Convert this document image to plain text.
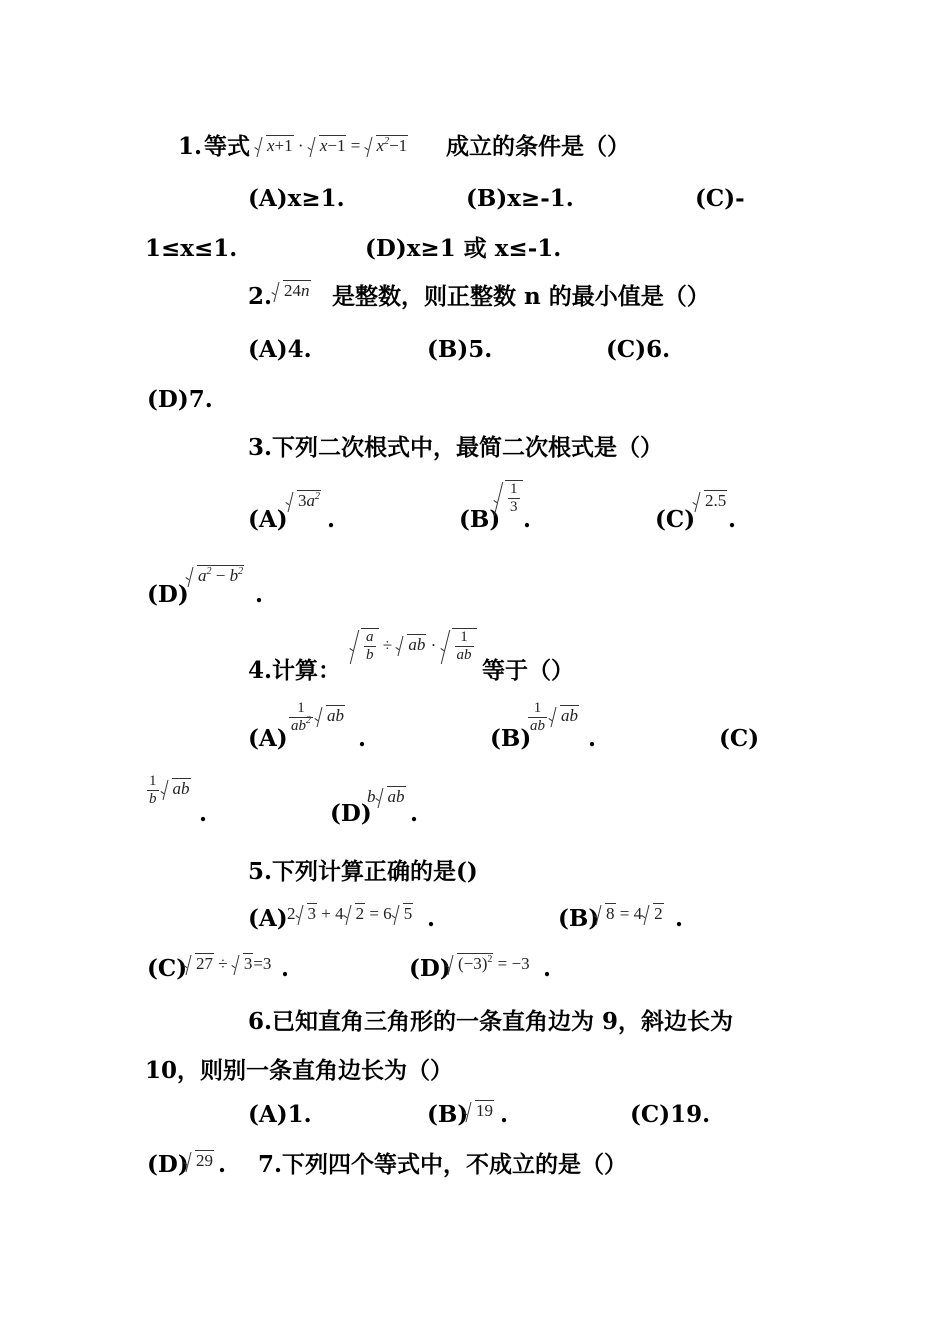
1. 等式	$x+1 \cdot x-1 = x^2-1$ 成立的条件是（）
(A)x≥1.	(B)x≥-1.	(C)-
1≤x≤1.	(D)x≥1 或 x≤-1.
2. 24n 是整数，则正整数 n 的最小值是（）
(A)4.	(B)5.	(C)6.
(D)7.
3.下列二次根式中，最简二次根式是（）
(A)
$3a^2$
.	(B)
$\frac{1}{3}$
.	(C)
2.5
.
(D)
$a^2 - b^2$
.
4.计算：
$\frac{a}{b}$ ÷ ab · $\frac{1}{ab}$
等于（）
(A)
$\frac{1}{ab^2}$ ab
.	(B)
$\frac{1}{ab}$ ab
.	(C)
$\frac{1}{b}$ ab
.	(D)
b ab
.
5.下列计算正确的是()
(A) 2 3 + 4 2 = 6 5 .	(B) 8 = 4 2 .
(C) 27 ÷ 3=3 .	(D) $(-3)^2 = -3$ .
6.已知直角三角形的一条直角边为 9，斜边长为
10，则别一条直角边长为（）
(A)1.	(B) 19 .	(C)19.
(D) 29 . 7.下列四个等式中，不成立的是（）
